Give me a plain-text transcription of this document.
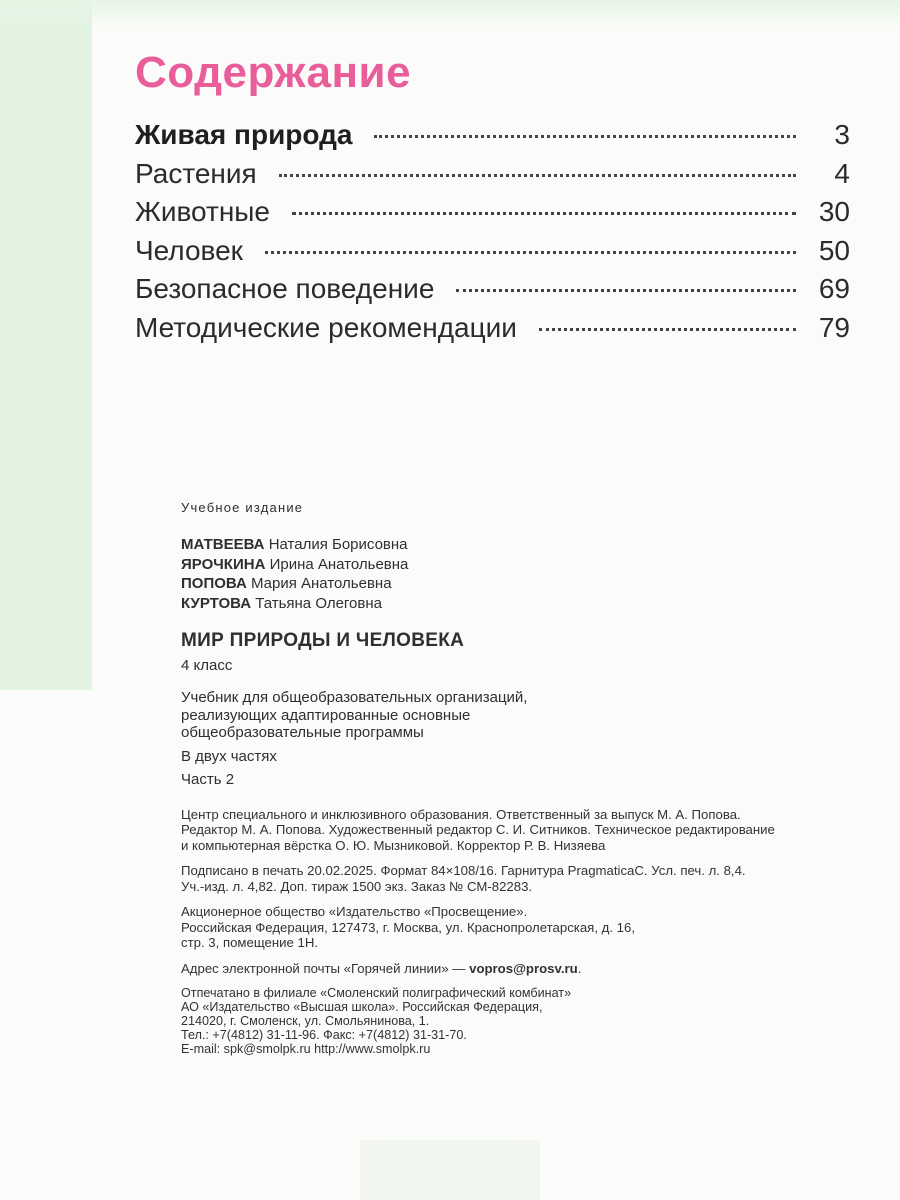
Содержание
Живая природа	3
Растения	4
Животные	30
Человек	50
Безопасное поведение	69
Методические рекомендации	79
Учебное издание
МАТВЕЕВА Наталия Борисовна
ЯРОЧКИНА Ирина Анатольевна
ПОПОВА Мария Анатольевна
КУРТОВА Татьяна Олеговна
МИР ПРИРОДЫ И ЧЕЛОВЕКА
4 класс
Учебник для общеобразовательных организаций,
реализующих адаптированные основные
общеобразовательные программы
В двух частях
Часть 2
Центр специального и инклюзивного образования. Ответственный за выпуск М. А. Попова.
Редактор М. А. Попова. Художественный редактор С. И. Ситников. Техническое редактирование
и компьютерная вёрстка О. Ю. Мызниковой. Корректор Р. В. Низяева
Подписано в печать 20.02.2025. Формат 84×108/16. Гарнитура PragmaticaC. Усл. печ. л. 8,4.
Уч.-изд. л. 4,82. Доп. тираж 1500 экз. Заказ № СМ-82283.
Акционерное общество «Издательство «Просвещение».
Российская Федерация, 127473, г. Москва, ул. Краснопролетарская, д. 16,
стр. 3, помещение 1Н.
Адрес электронной почты «Горячей линии» — vopros@prosv.ru.
Отпечатано в филиале «Смоленский полиграфический комбинат»
АО «Издательство «Высшая школа». Российская Федерация,
214020, г. Смоленск, ул. Смольянинова, 1.
Тел.: +7(4812) 31-11-96. Факс: +7(4812) 31-31-70.
E-mail: spk@smolpk.ru http://www.smolpk.ru
